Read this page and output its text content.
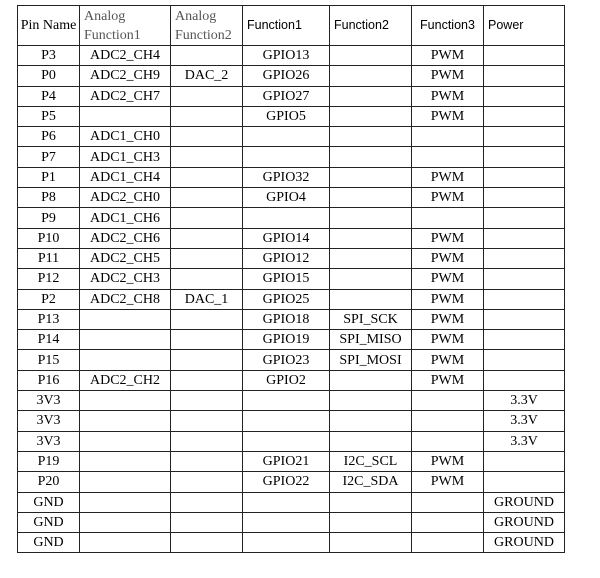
Pin Name	Analog Function1	Analog Function2	Function1	Function2	Function3	Power
P3	ADC2_CH4		GPIO13		PWM	
P0	ADC2_CH9	DAC_2	GPIO26		PWM	
P4	ADC2_CH7		GPIO27		PWM	
P5			GPIO5		PWM	
P6	ADC1_CH0					
P7	ADC1_CH3					
P1	ADC1_CH4		GPIO32		PWM	
P8	ADC2_CH0		GPIO4		PWM	
P9	ADC1_CH6					
P10	ADC2_CH6		GPIO14		PWM	
P11	ADC2_CH5		GPIO12		PWM	
P12	ADC2_CH3		GPIO15		PWM	
P2	ADC2_CH8	DAC_1	GPIO25		PWM	
P13			GPIO18	SPI_SCK	PWM	
P14			GPIO19	SPI_MISO	PWM	
P15			GPIO23	SPI_MOSI	PWM	
P16	ADC2_CH2		GPIO2		PWM	
3V3						3.3V
3V3						3.3V
3V3						3.3V
P19			GPIO21	I2C_SCL	PWM	
P20			GPIO22	I2C_SDA	PWM	
GND						GROUND
GND						GROUND
GND						GROUND
